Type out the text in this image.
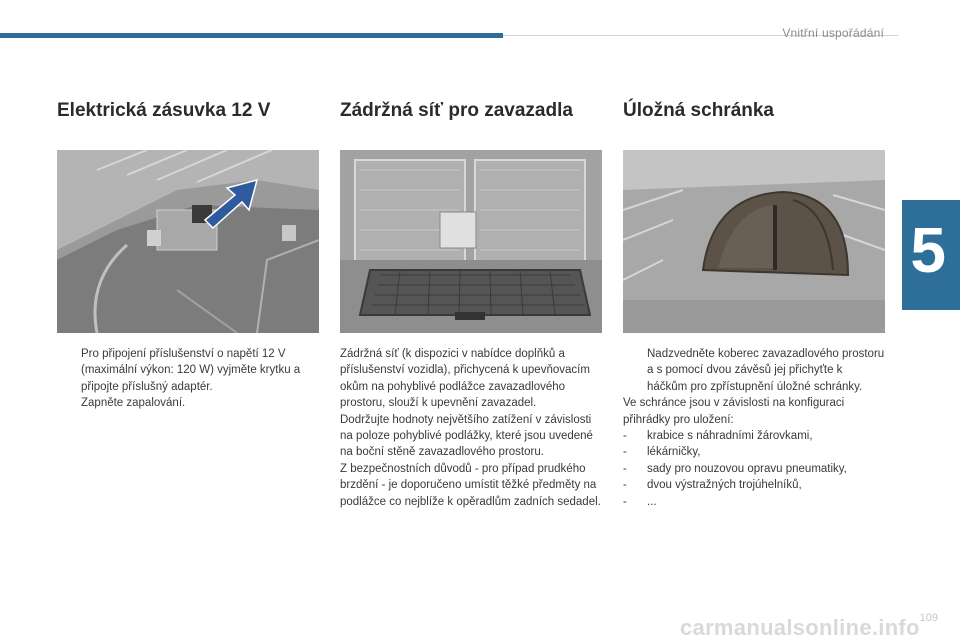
Vnitřní uspořádání
5
Elektrická zásuvka 12 V

Pro připojení příslušenství o napětí 12 V (maximální výkon: 120 W) vyjměte krytku a připojte příslušný adaptér.

Zapněte zapalování.

Zádržná síť pro zavazadla

Zádržná síť (k dispozici v nabídce doplňků a příslušenství vozidla), přichycená k upevňovacím okům na pohyblivé podlážce zavazadlového prostoru, slouží k upevnění zavazadel.

Dodržujte hodnoty největšího zatížení v závislosti na poloze pohyblivé podlážky, které jsou uvedené na boční stěně zavazadlového prostoru.

Z bezpečnostních důvodů - pro případ prudkého brzdění - je doporučeno umístit těžké předměty na podlážce co nejblíže k opěradlům zadních sedadel.

Úložná schránka

Nadzvedněte koberec zavazadlového prostoru a s pomocí dvou závěsů jej přichyťte k háčkům pro zpřístupnění úložné schránky.

Ve schránce jsou v závislosti na konfiguraci přihrádky pro uložení:

- krabice s náhradními žárovkami,

- lékárničky,

- sady pro nouzovou opravu pneumatiky,

- dvou výstražných trojúhelníků,

- ...

carmanualsonline.info 109
